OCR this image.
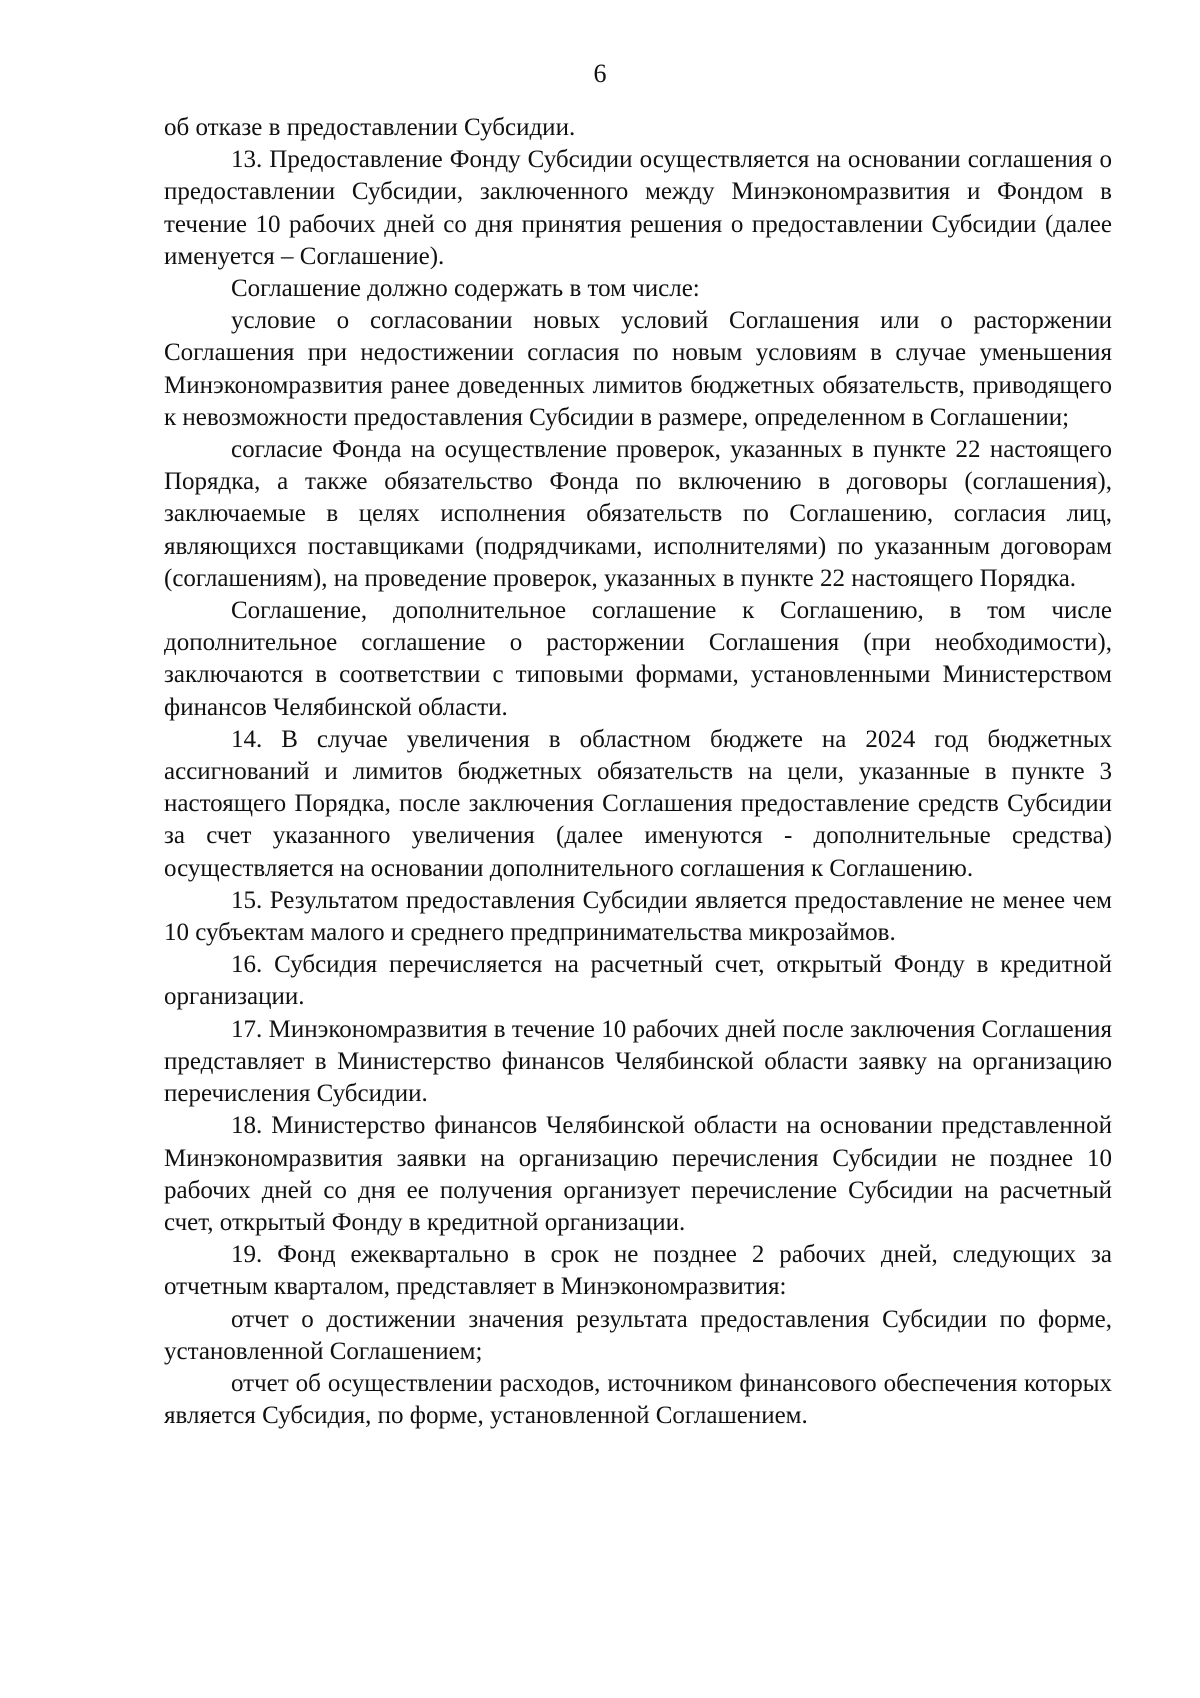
6

об отказе в предоставлении Субсидии.

13. Предоставление Фонду Субсидии осуществляется на основании соглашения о предоставлении Субсидии, заключенного между Минэкономразвития и Фондом в течение 10 рабочих дней со дня принятия решения о предоставлении Субсидии (далее именуется – Соглашение).

Соглашение должно содержать в том числе:

условие о согласовании новых условий Соглашения или о расторжении Соглашения при недостижении согласия по новым условиям в случае уменьшения Минэкономразвития ранее доведенных лимитов бюджетных обязательств, приводящего к невозможности предоставления Субсидии в размере, определенном в Соглашении;

согласие Фонда на осуществление проверок, указанных в пункте 22 настоящего Порядка, а также обязательство Фонда по включению в договоры (соглашения), заключаемые в целях исполнения обязательств по Соглашению, согласия лиц, являющихся поставщиками (подрядчиками, исполнителями) по указанным договорам (соглашениям), на проведение проверок, указанных в пункте 22 настоящего Порядка.

Соглашение, дополнительное соглашение к Соглашению, в том числе дополнительное соглашение о расторжении Соглашения (при необходимости), заключаются в соответствии с типовыми формами, установленными Министерством финансов Челябинской области.

14. В случае увеличения в областном бюджете на 2024 год бюджетных ассигнований и лимитов бюджетных обязательств на цели, указанные в пункте 3 настоящего Порядка, после заключения Соглашения предоставление средств Субсидии за счет указанного увеличения (далее именуются - дополнительные средства) осуществляется на основании дополнительного соглашения к Соглашению.

15. Результатом предоставления Субсидии является предоставление не менее чем 10 субъектам малого и среднего предпринимательства микрозаймов.

16. Субсидия перечисляется на расчетный счет, открытый Фонду в кредитной организации.

17. Минэкономразвития в течение 10 рабочих дней после заключения Соглашения представляет в Министерство финансов Челябинской области заявку на организацию перечисления Субсидии.

18. Министерство финансов Челябинской области на основании представленной Минэкономразвития заявки на организацию перечисления Субсидии не позднее 10 рабочих дней со дня ее получения организует перечисление Субсидии на расчетный счет, открытый Фонду в кредитной организации.

19. Фонд ежеквартально в срок не позднее 2 рабочих дней, следующих за отчетным кварталом, представляет в Минэкономразвития:

отчет о достижении значения результата предоставления Субсидии по форме, установленной Соглашением;

отчет об осуществлении расходов, источником финансового обеспечения которых является Субсидия, по форме, установленной Соглашением.
